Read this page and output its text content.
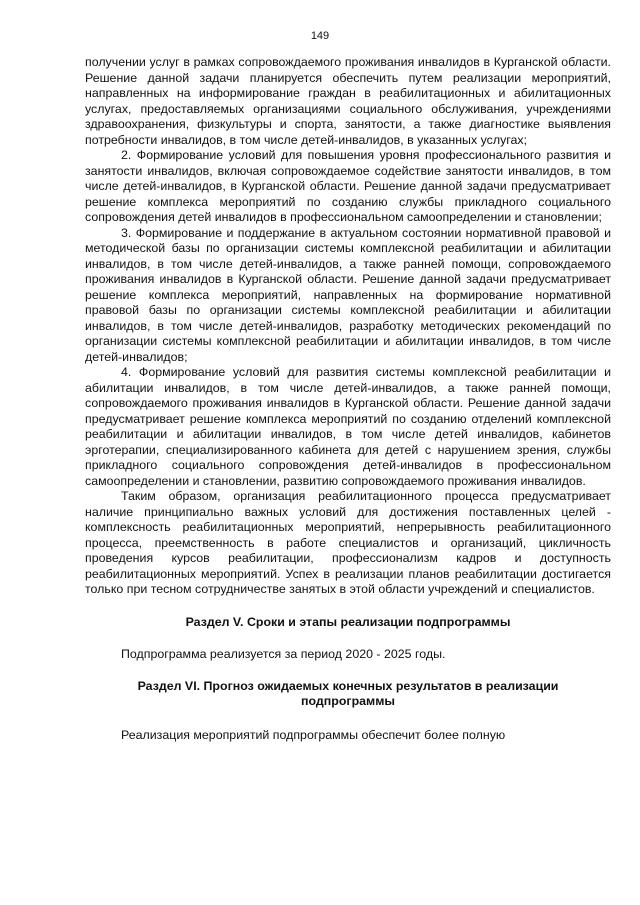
149

получении услуг в рамках сопровождаемого проживания инвалидов в Курганской области. Решение данной задачи планируется обеспечить путем реализации мероприятий, направленных на информирование граждан в реабилитационных и абилитационных услугах, предоставляемых организациями социального обслуживания, учреждениями здравоохранения, физкультуры и спорта, занятости, а также диагностике выявления потребности инвалидов, в том числе детей-инвалидов, в указанных услугах;

2. Формирование условий для повышения уровня профессионального развития и занятости инвалидов, включая сопровождаемое содействие занятости инвалидов, в том числе детей-инвалидов, в Курганской области. Решение данной задачи предусматривает решение комплекса мероприятий по созданию службы прикладного социального сопровождения детей инвалидов в профессиональном самоопределении и становлении;

3. Формирование и поддержание в актуальном состоянии нормативной правовой и методической базы по организации системы комплексной реабилитации и абилитации инвалидов, в том числе детей-инвалидов, а также ранней помощи, сопровождаемого проживания инвалидов в Курганской области. Решение данной задачи предусматривает решение комплекса мероприятий, направленных на формирование нормативной правовой базы по организации системы комплексной реабилитации и абилитации инвалидов, в том числе детей-инвалидов, разработку методических рекомендаций по организации системы комплексной реабилитации и абилитации инвалидов, в том числе детей-инвалидов;

4. Формирование условий для развития системы комплексной реабилитации и абилитации инвалидов, в том числе детей-инвалидов, а также ранней помощи, сопровождаемого проживания инвалидов в Курганской области. Решение данной задачи предусматривает решение комплекса мероприятий по созданию отделений комплексной реабилитации и абилитации инвалидов, в том числе детей инвалидов, кабинетов эрготерапии, специализированного кабинета для детей с нарушением зрения, службы прикладного социального сопровождения детей-инвалидов в профессиональном самоопределении и становлении, развитию сопровождаемого проживания инвалидов.

Таким образом, организация реабилитационного процесса предусматривает наличие принципиально важных условий для достижения поставленных целей - комплексность реабилитационных мероприятий, непрерывность реабилитационного процесса, преемственность в работе специалистов и организаций, цикличность проведения курсов реабилитации, профессионализм кадров и доступность реабилитационных мероприятий. Успех в реализации планов реабилитации достигается только при тесном сотрудничестве занятых в этой области учреждений и специалистов.

Раздел V. Сроки и этапы реализации подпрограммы

Подпрограмма реализуется за период 2020 - 2025 годы.

Раздел VI. Прогноз ожидаемых конечных результатов в реализации
подпрограммы

Реализация мероприятий подпрограммы обеспечит более полную
